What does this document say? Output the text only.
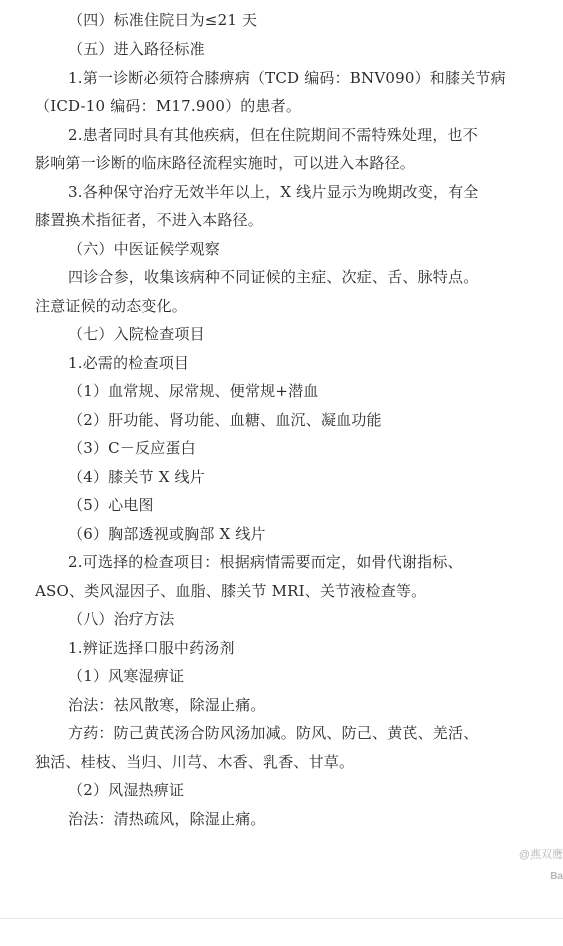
（四）标准住院日为≤21 天
（五）进入路径标准
1.第一诊断必须符合膝痹病（TCD 编码：BNV090）和膝关节病
（ICD-10 编码：M17.900）的患者。
2.患者同时具有其他疾病，但在住院期间不需特殊处理，也不
影响第一诊断的临床路径流程实施时，可以进入本路径。
3.各种保守治疗无效半年以上，X 线片显示为晚期改变，有全
膝置换术指征者，不进入本路径。
（六）中医证候学观察
四诊合参，收集该病种不同证候的主症、次症、舌、脉特点。
注意证候的动态变化。
（七）入院检查项目
1.必需的检查项目
（1）血常规、尿常规、便常规+潜血
（2）肝功能、肾功能、血糖、血沉、凝血功能
（3）C－反应蛋白
（4）膝关节 X 线片
（5）心电图
（6）胸部透视或胸部 X 线片
2.可选择的检查项目：根据病情需要而定，如骨代谢指标、
ASO、类风湿因子、血脂、膝关节 MRI、关节液检查等。
（八）治疗方法
1.辨证选择口服中药汤剂
（1）风寒湿痹证
治法：祛风散寒，除湿止痛。
方药：防己黄芪汤合防风汤加减。防风、防己、黄芪、羌活、
独活、桂枝、当归、川芎、木香、乳香、甘草。
（2）风湿热痹证
治法：清热疏风，除湿止痛。
@燕双鹰
Ba
